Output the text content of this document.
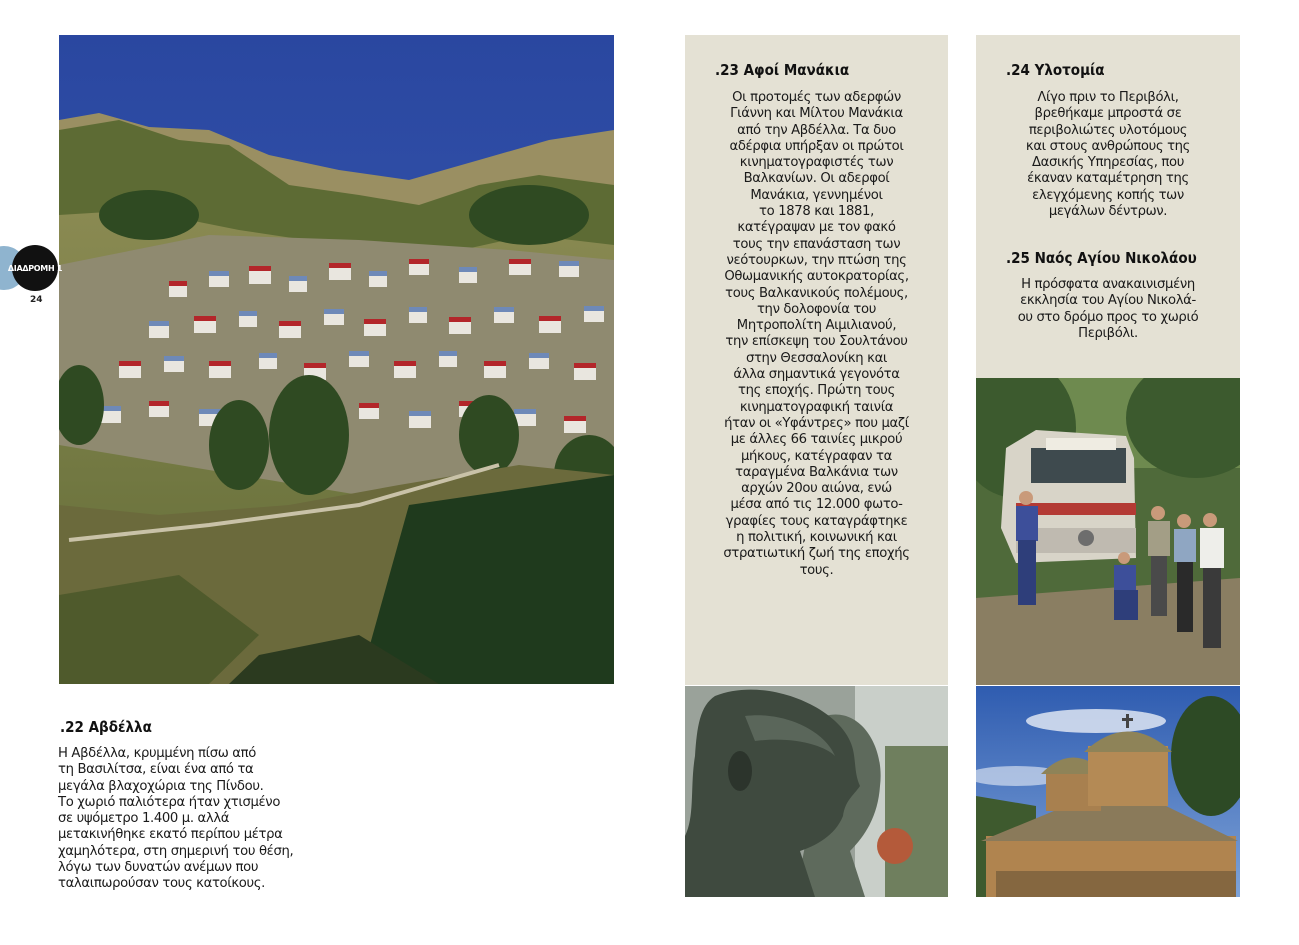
ΔΙΑΔΡΟΜΗ 1
24
.22 Αβδέλλα
Η Αβδέλλα, κρυμμένη πίσω από
τη Βασιλίτσα, είναι ένα από τα
μεγάλα βλαχοχώρια της Πίνδου.
Το χωριό παλιότερα ήταν χτισμένο
σε υψόμετρο 1.400 μ. αλλά
μετακινήθηκε εκατό περίπου μέτρα
χαμηλότερα, στη σημερινή του θέση,
λόγω των δυνατών ανέμων που
ταλαιπωρούσαν τους κατοίκους.
.23 Αφοί Μανάκια
Οι προτομές των αδερφών
Γιάννη και Μίλτου Μανάκια
από την Αβδέλλα. Τα δυο
αδέρφια υπήρξαν οι πρώτοι
κινηματογραφιστές των
Βαλκανίων. Οι αδερφοί
Μανάκια, γεννημένοι
το 1878 και 1881,
κατέγραψαν με τον φακό
τους την επανάσταση των
νεότουρκων, την πτώση της
Οθωμανικής αυτοκρατορίας,
τους Βαλκανικούς πολέμους,
την δολοφονία του
Μητροπολίτη Αιμιλιανού,
την επίσκεψη του Σουλτάνου
στην Θεσσαλονίκη και
άλλα σημαντικά γεγονότα
της εποχής. Πρώτη τους
κινηματογραφική ταινία
ήταν οι «Υφάντρες» που μαζί
με άλλες 66 ταινίες μικρού
μήκους, κατέγραφαν τα
ταραγμένα Βαλκάνια των
αρχών 20ου αιώνα, ενώ
μέσα από τις 12.000 φωτο-
γραφίες τους καταγράφτηκε
η πολιτική, κοινωνική και
στρατιωτική ζωή της εποχής
τους.
.24 Υλοτομία
Λίγο πριν το Περιβόλι,
βρεθήκαμε μπροστά σε
περιβολιώτες υλοτόμους
και στους ανθρώπους της
Δασικής Υπηρεσίας, που
έκαναν καταμέτρηση της
ελεγχόμενης κοπής των
μεγάλων δέντρων.
.25 Ναός Αγίου Νικολάου
Η πρόσφατα ανακαινισμένη
εκκλησία του Αγίου Νικολά-
ου στο δρόμο προς το χωριό
Περιβόλι.
